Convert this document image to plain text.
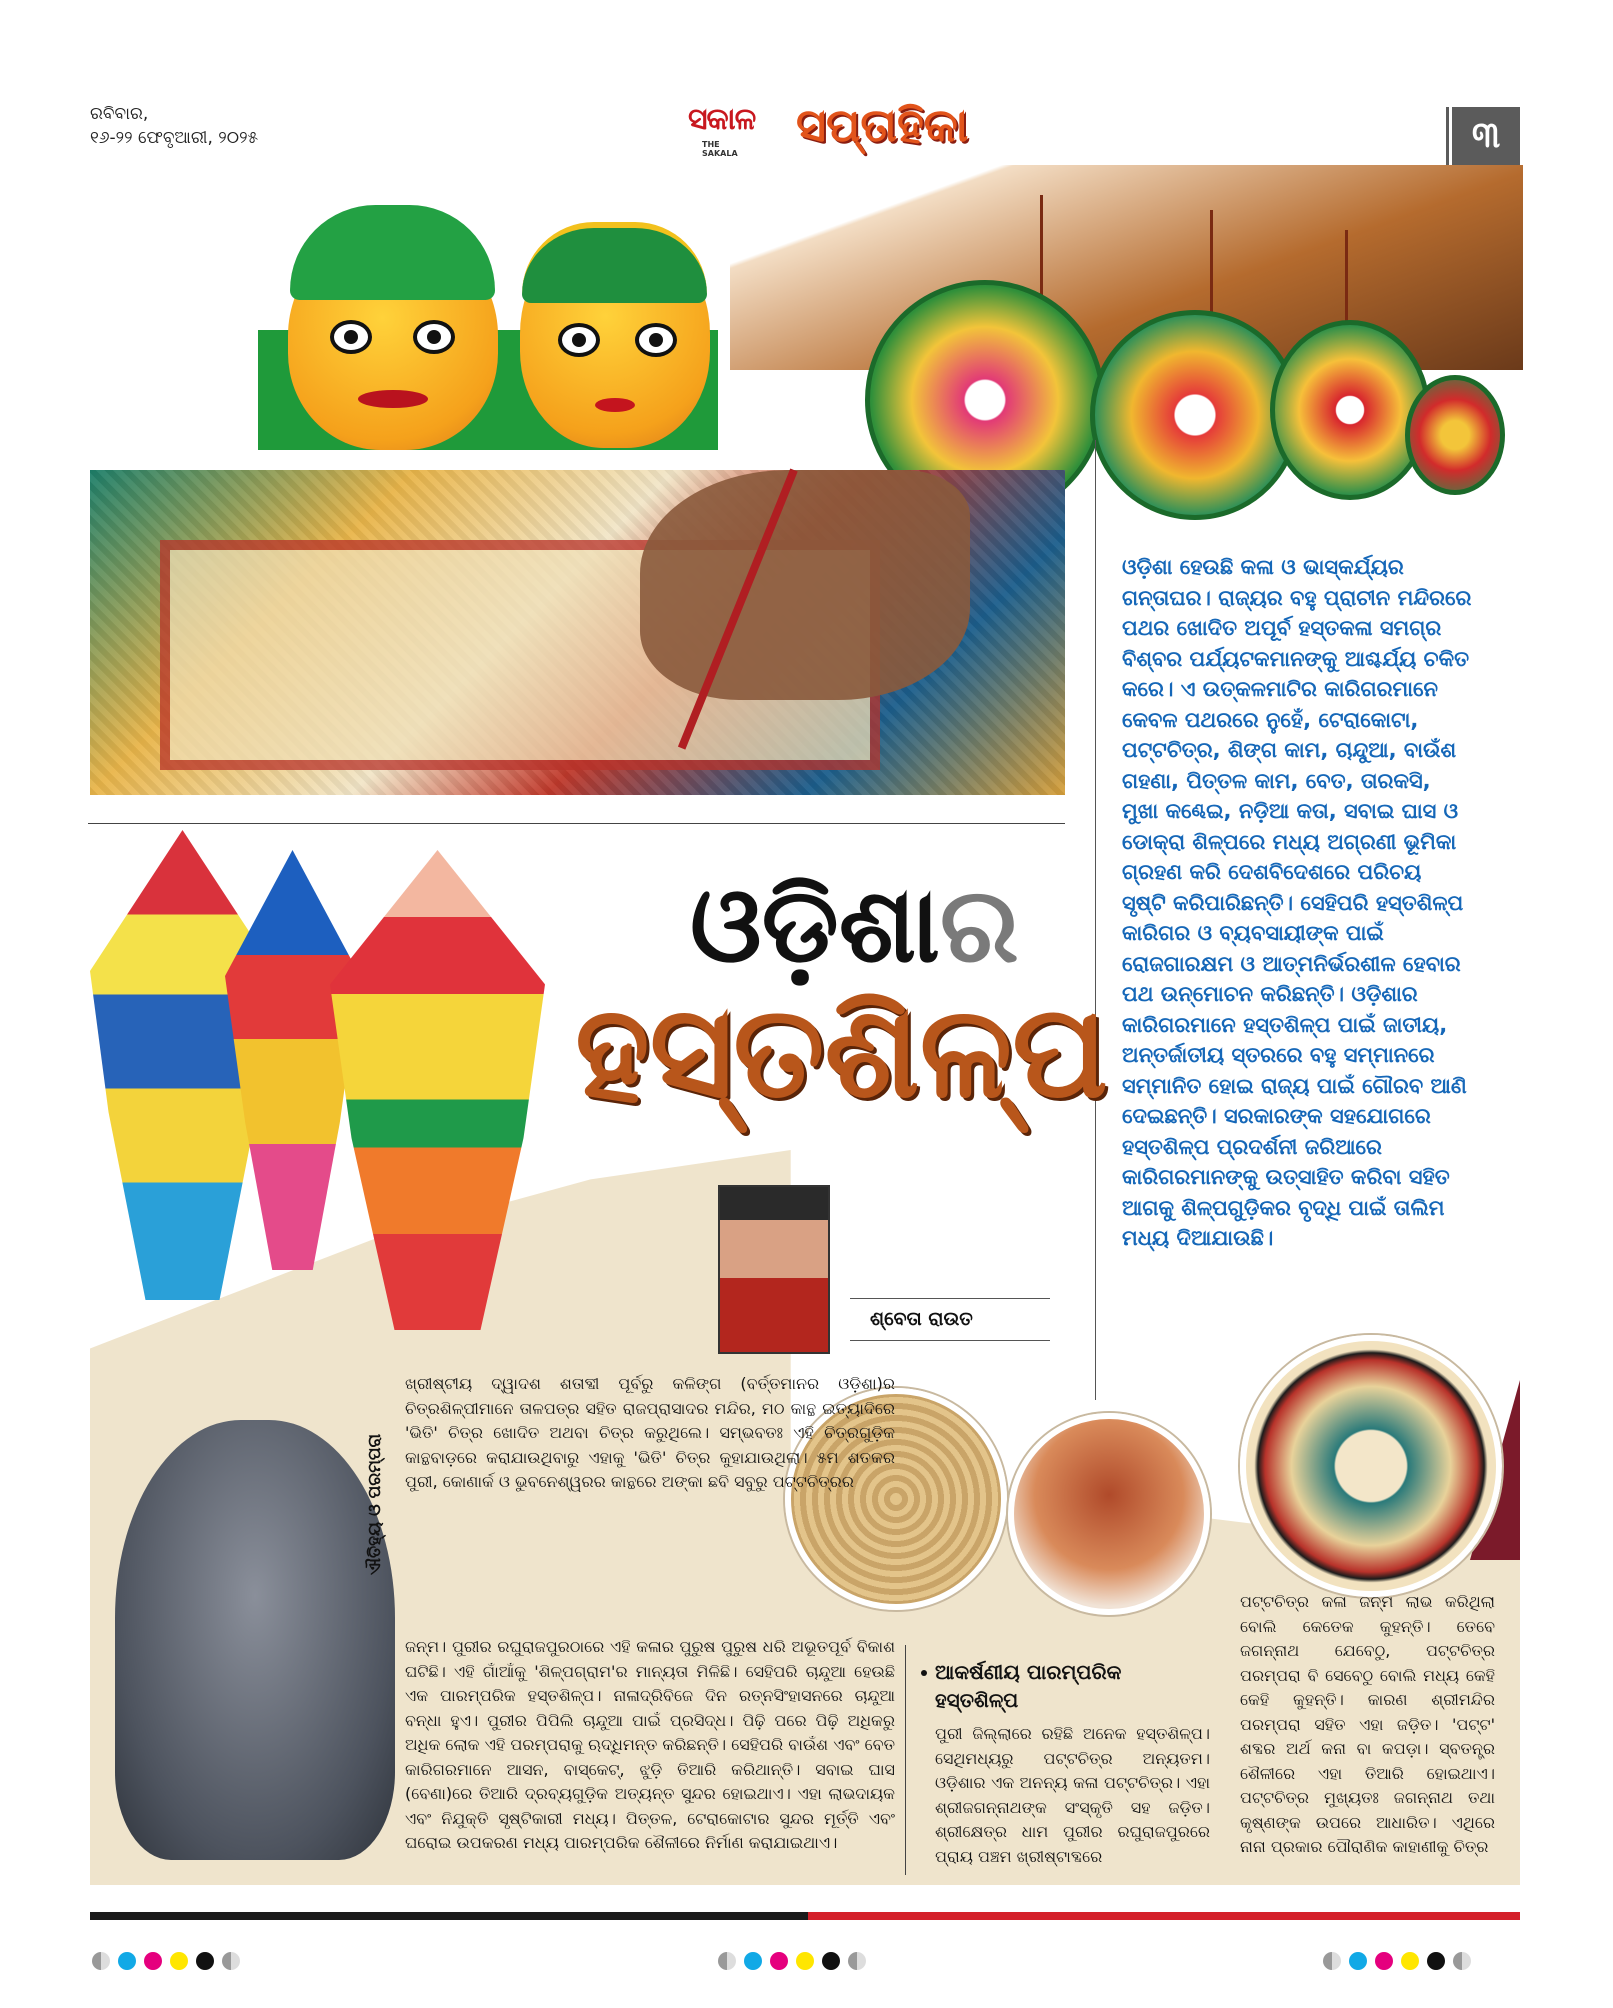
ରବିବାର,
୧୬-୨୨ ଫେବୃଆରୀ, ୨୦୨୫
ସକାଳ
THE SAKALA
ସପ୍ତାହିକା	୩
ଓଡ଼ିଶାର
ହସ୍ତଶିଳ୍ପ
ଶ୍ବେତା ରାଉତ
ଓଡ଼ିଶା ହେଉଛି କଳା ଓ ଭାସ୍କର୍ଯ୍ୟର ଗନ୍ତାଘର। ରାଜ୍ୟର ବହୁ ପ୍ରାଚୀନ ମନ୍ଦିରରେ ପଥର ଖୋଦିତ ଅପୂର୍ବ ହସ୍ତକଳା ସମଗ୍ର ବିଶ୍ବର ପର୍ଯ୍ୟଟକମାନଙ୍କୁ ଆଶ୍ଚର୍ଯ୍ୟ ଚକିତ କରେ। ଏ ଉତ୍କଳମାଟିର କାରିଗରମାନେ କେବଳ ପଥରରେ ନୁହେଁ, ଟେରାକୋଟା, ପଟ୍ଟଚିତ୍ର, ଶିଙ୍ଗ କାମ, ଚାନ୍ଦୁଆ, ବାଉଁଶ ଗହଣା, ପିତ୍ତଳ କାମ, ବେତ, ତାରକସି, ମୁଖା କଣ୍ଢେଇ, ନଡ଼ିଆ କତା, ସବାଇ ଘାସ ଓ ଡୋକ୍ରା ଶିଳ୍ପରେ ମଧ୍ୟ ଅଗ୍ରଣୀ ଭୂମିକା ଗ୍ରହଣ କରି ଦେଶବିଦେଶରେ ପରିଚୟ ସୃଷ୍ଟି କରିପାରିଛନ୍ତି। ସେହିପରି ହସ୍ତଶିଳ୍ପ କାରିଗର ଓ ବ୍ୟବସାୟୀଙ୍କ ପାଇଁ ରୋଜଗାରକ୍ଷମ ଓ ଆତ୍ମନିର୍ଭରଶୀଳ ହେବାର ପଥ ଉନ୍ମୋଚନ କରିଛନ୍ତି। ଓଡ଼ିଶାର କାରିଗରମାନେ ହସ୍ତଶିଳ୍ପ ପାଇଁ ଜାତୀୟ, ଅନ୍ତର୍ଜାତୀୟ ସ୍ତରରେ ବହୁ ସମ୍ମାନରେ ସମ୍ମାନିତ ହୋଇ ରାଜ୍ୟ ପାଇଁ ଗୌରବ ଆଣି ଦେଇଛନ୍ତି। ସରକାରଙ୍କ ସହଯୋଗରେ ହସ୍ତଶିଳ୍ପ ପ୍ରଦର୍ଶନୀ ଜରିଆରେ କାରିଗରମାନଙ୍କୁ ଉତ୍ସାହିତ କରିବା ସହିତ ଆଗକୁ ଶିଳ୍ପଗୁଡ଼ିକର ବୃଦ୍ଧି ପାଇଁ ତାଲିମ ମଧ୍ୟ ଦିଆଯାଉଛି।
ଐତିହ୍ୟ ଓ ପରମ୍ପରା
ଖ୍ରୀଷ୍ଟୀୟ ଦ୍ୱାଦଶ ଶତାବ୍ଦୀ ପୂର୍ବରୁ କଳିଙ୍ଗ (ବର୍ତ୍ତମାନର ଓଡ଼ିଶା)ର ଚିତ୍ରଶିଳ୍ପୀମାନେ ତାଳପତ୍ର ସହିତ ରାଜପ୍ରାସାଦର ମନ୍ଦିର, ମଠ କାନ୍ଥ ଇତ୍ୟାଦିରେ 'ଭିତି' ଚିତ୍ର ଖୋଦିତ ଅଥବା ଚିତ୍ର କରୁଥିଲେ। ସମ୍ଭବତଃ ଏହି ଚିତ୍ରଗୁଡ଼ିକ କାନ୍ଥବାଡ଼ରେ କରାଯାଉଥିବାରୁ ଏହାକୁ 'ଭିତି' ଚିତ୍ର କୁହାଯାଉଥିଲା। ୫ମ ଶତକର ପୁରୀ, କୋଣାର୍କ ଓ ଭୁବନେଶ୍ୱରର କାନ୍ଥରେ ଅଙ୍କା ଛବି ସବୁରୁ ପଟ୍ଟଚିତ୍ରର
ଜନ୍ମ। ପୁରୀର ରଘୁରାଜପୁରଠାରେ ଏହି କଳାର ପୁରୁଷ ପୁରୁଷ ଧରି ଅଭୂତପୂର୍ବ ବିକାଶ ଘଟିଛି। ଏହି ଗାଁଆଁକୁ 'ଶିଳ୍ପଗ୍ରାମ'ର ମାନ୍ୟତା ମିଳିଛି। ସେହିପରି ଚାନ୍ଦୁଆ ହେଉଛି ଏକ ପାରମ୍ପରିକ ହସ୍ତଶିଳ୍ପ। ନାଳାଦ୍ରିବିଜେ ଦିନ ରତ୍ନସିଂହାସନରେ ଚାନ୍ଦୁଆ ବନ୍ଧା ହୁଏ। ପୁରୀର ପିପିଲି ଚାନ୍ଦୁଆ ପାଇଁ ପ୍ରସିଦ୍ଧ। ପିଢ଼ି ପରେ ପିଢ଼ି ଅଧିକରୁ ଅଧିକ ଲୋକ ଏହି ପରମ୍ପରାକୁ ଋଦ୍ଧିମନ୍ତ କରିଛନ୍ତି। ସେହିପରି ବାଉଁଶ ଏବଂ ବେତ କାରିଗରମାନେ ଆସନ, ବାସ୍କେଟ୍, ଝୁଡ଼ି ତିଆରି କରିଥାନ୍ତି। ସବାଇ ଘାସ (ବେଣା)ରେ ତିଆରି ଦ୍ରବ୍ୟଗୁଡ଼ିକ ଅତ୍ୟନ୍ତ ସୁନ୍ଦର ହୋଇଥାଏ। ଏହା ଲାଭଦାୟକ ଏବଂ ନିଯୁକ୍ତି ସୃଷ୍ଟିକାରୀ ମଧ୍ୟ। ପିତ୍ତଳ, ଟେରାକୋଟାର ସୁନ୍ଦର ମୂର୍ତ୍ତି ଏବଂ ଘରୋଇ ଉପକରଣ ମଧ୍ୟ ପାରମ୍ପରିକ ଶୈଳୀରେ ନିର୍ମାଣ କରାଯାଇଥାଏ।
ଆକର୍ଷଣୀୟ ପାରମ୍ପରିକ ହସ୍ତଶିଳ୍ପ
ପୁରୀ ଜିଲ୍ଲାରେ ରହିଛି ଅନେକ ହସ୍ତଶିଳ୍ପ। ସେଥିମଧ୍ୟରୁ ପଟ୍ଟଚିତ୍ର ଅନ୍ୟତମ। ଓଡ଼ିଶାର ଏକ ଅନନ୍ୟ କଳା ପଟ୍ଟଚିତ୍ର। ଏହା ଶ୍ରୀଜଗନ୍ନାଥଙ୍କ ସଂସ୍କୃତି ସହ ଜଡ଼ିତ। ଶ୍ରୀକ୍ଷେତ୍ର ଧାମ ପୁରୀର ରଘୁରାଜପୁରରେ ପ୍ରାୟ ପଞ୍ଚମ ଖ୍ରୀଷ୍ଟାବ୍ଦରେ
ପଟ୍ଟଚିତ୍ର କଳା ଜନ୍ମ ଲାଭ କରିଥିଲା ବୋଲି କେତେକ କୁହନ୍ତି। ତେବେ ଜଗନ୍ନାଥ ଯେବେଠୁ, ପଟ୍ଟଚିତ୍ର ପରମ୍ପରା ବି ସେବେଠୁ ବୋଲି ମଧ୍ୟ କେହି କେହି କୁହନ୍ତି। କାରଣ ଶ୍ରୀମନ୍ଦିର ପରମ୍ପରା ସହିତ ଏହା ଜଡ଼ିତ। 'ପଟ୍ଟ' ଶବ୍ଦର ଅର୍ଥ କନା ବା କପଡ଼ା। ସ୍ବତନ୍ତ୍ର ଶୈଳୀରେ ଏହା ତିଆରି ହୋଇଥାଏ। ପଟ୍ଟଚିତ୍ର ମୁଖ୍ୟତଃ ଜଗନ୍ନାଥ ତଥା କୃଷ୍ଣଙ୍କ ଉପରେ ଆଧାରିତ। ଏଥିରେ ନାନା ପ୍ରକାର ପୌରାଣିକ କାହାଣୀକୁ ଚିତ୍ର
